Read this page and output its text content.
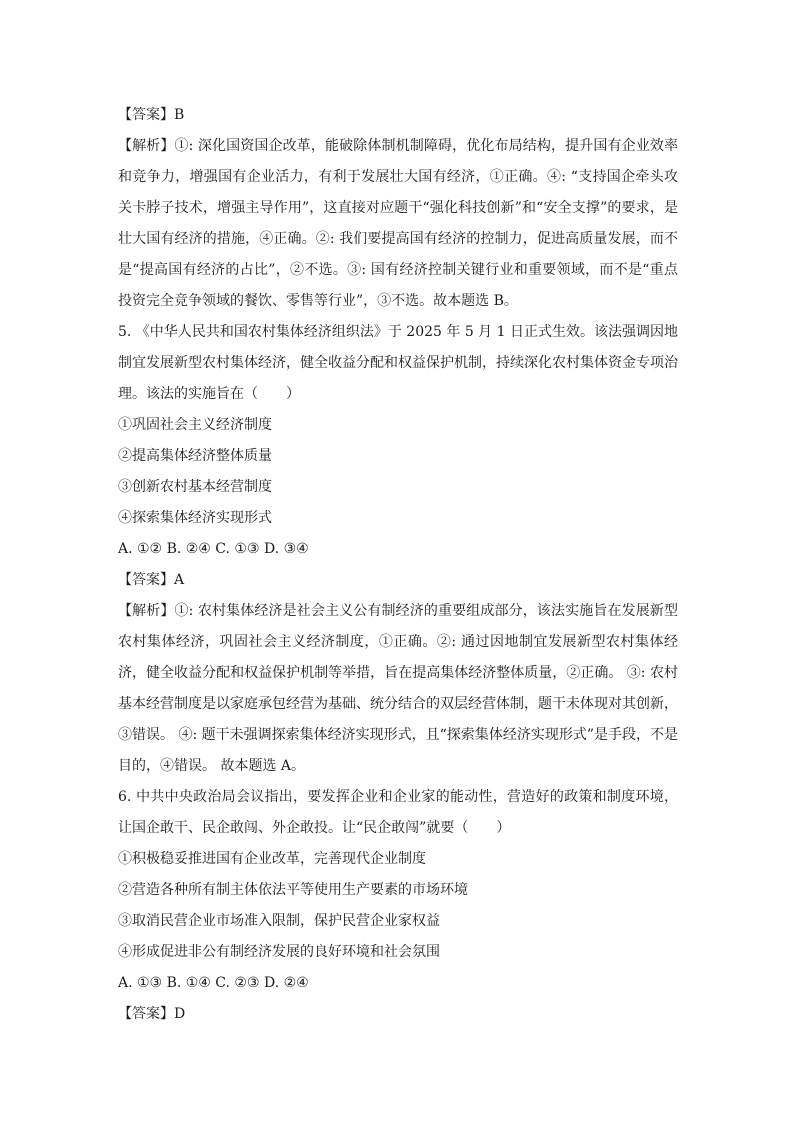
【答案】B
【解析】①: 深化国资国企改革，能破除体制机制障碍，优化布局结构，提升国有企业效率和竞争力，增强国有企业活力，有利于发展壮大国有经济，①正确。④: “支持国企牵头攻关卡脖子技术，增强主导作用”，这直接对应题干“强化科技创新”和“安全支撑”的要求，是壮大国有经济的措施，④正确。②: 我们要提高国有经济的控制力，促进高质量发展，而不是“提高国有经济的占比”，②不选。③: 国有经济控制关键行业和重要领域，而不是“重点投资完全竞争领域的餐饮、零售等行业”，③不选。故本题选 B。
5. 《中华人民共和国农村集体经济组织法》于 2025 年 5 月 1 日正式生效。该法强调因地制宜发展新型农村集体经济，健全收益分配和权益保护机制，持续深化农村集体资金专项治理。该法的实施旨在（　　）
①巩固社会主义经济制度
②提高集体经济整体质量
③创新农村基本经营制度
④探索集体经济实现形式
A. ①② B. ②④ C. ①③ D. ③④
【答案】A
【解析】①: 农村集体经济是社会主义公有制经济的重要组成部分，该法实施旨在发展新型农村集体经济，巩固社会主义经济制度，①正确。②: 通过因地制宜发展新型农村集体经济，健全收益分配和权益保护机制等举措，旨在提高集体经济整体质量，②正确。 ③: 农村基本经营制度是以家庭承包经营为基础、统分结合的双层经营体制，题干未体现对其创新，③错误。 ④: 题干未强调探索集体经济实现形式，且“探索集体经济实现形式”是手段，不是目的，④错误。 故本题选 A。
6. 中共中央政治局会议指出，要发挥企业和企业家的能动性，营造好的政策和制度环境，让国企敢干、民企敢闯、外企敢投。让“民企敢闯”就要（　　）
①积极稳妥推进国有企业改革，完善现代企业制度
②营造各种所有制主体依法平等使用生产要素的市场环境
③取消民营企业市场准入限制，保护民营企业家权益
④形成促进非公有制经济发展的良好环境和社会氛围
A. ①③ B. ①④ C. ②③ D. ②④
【答案】D
